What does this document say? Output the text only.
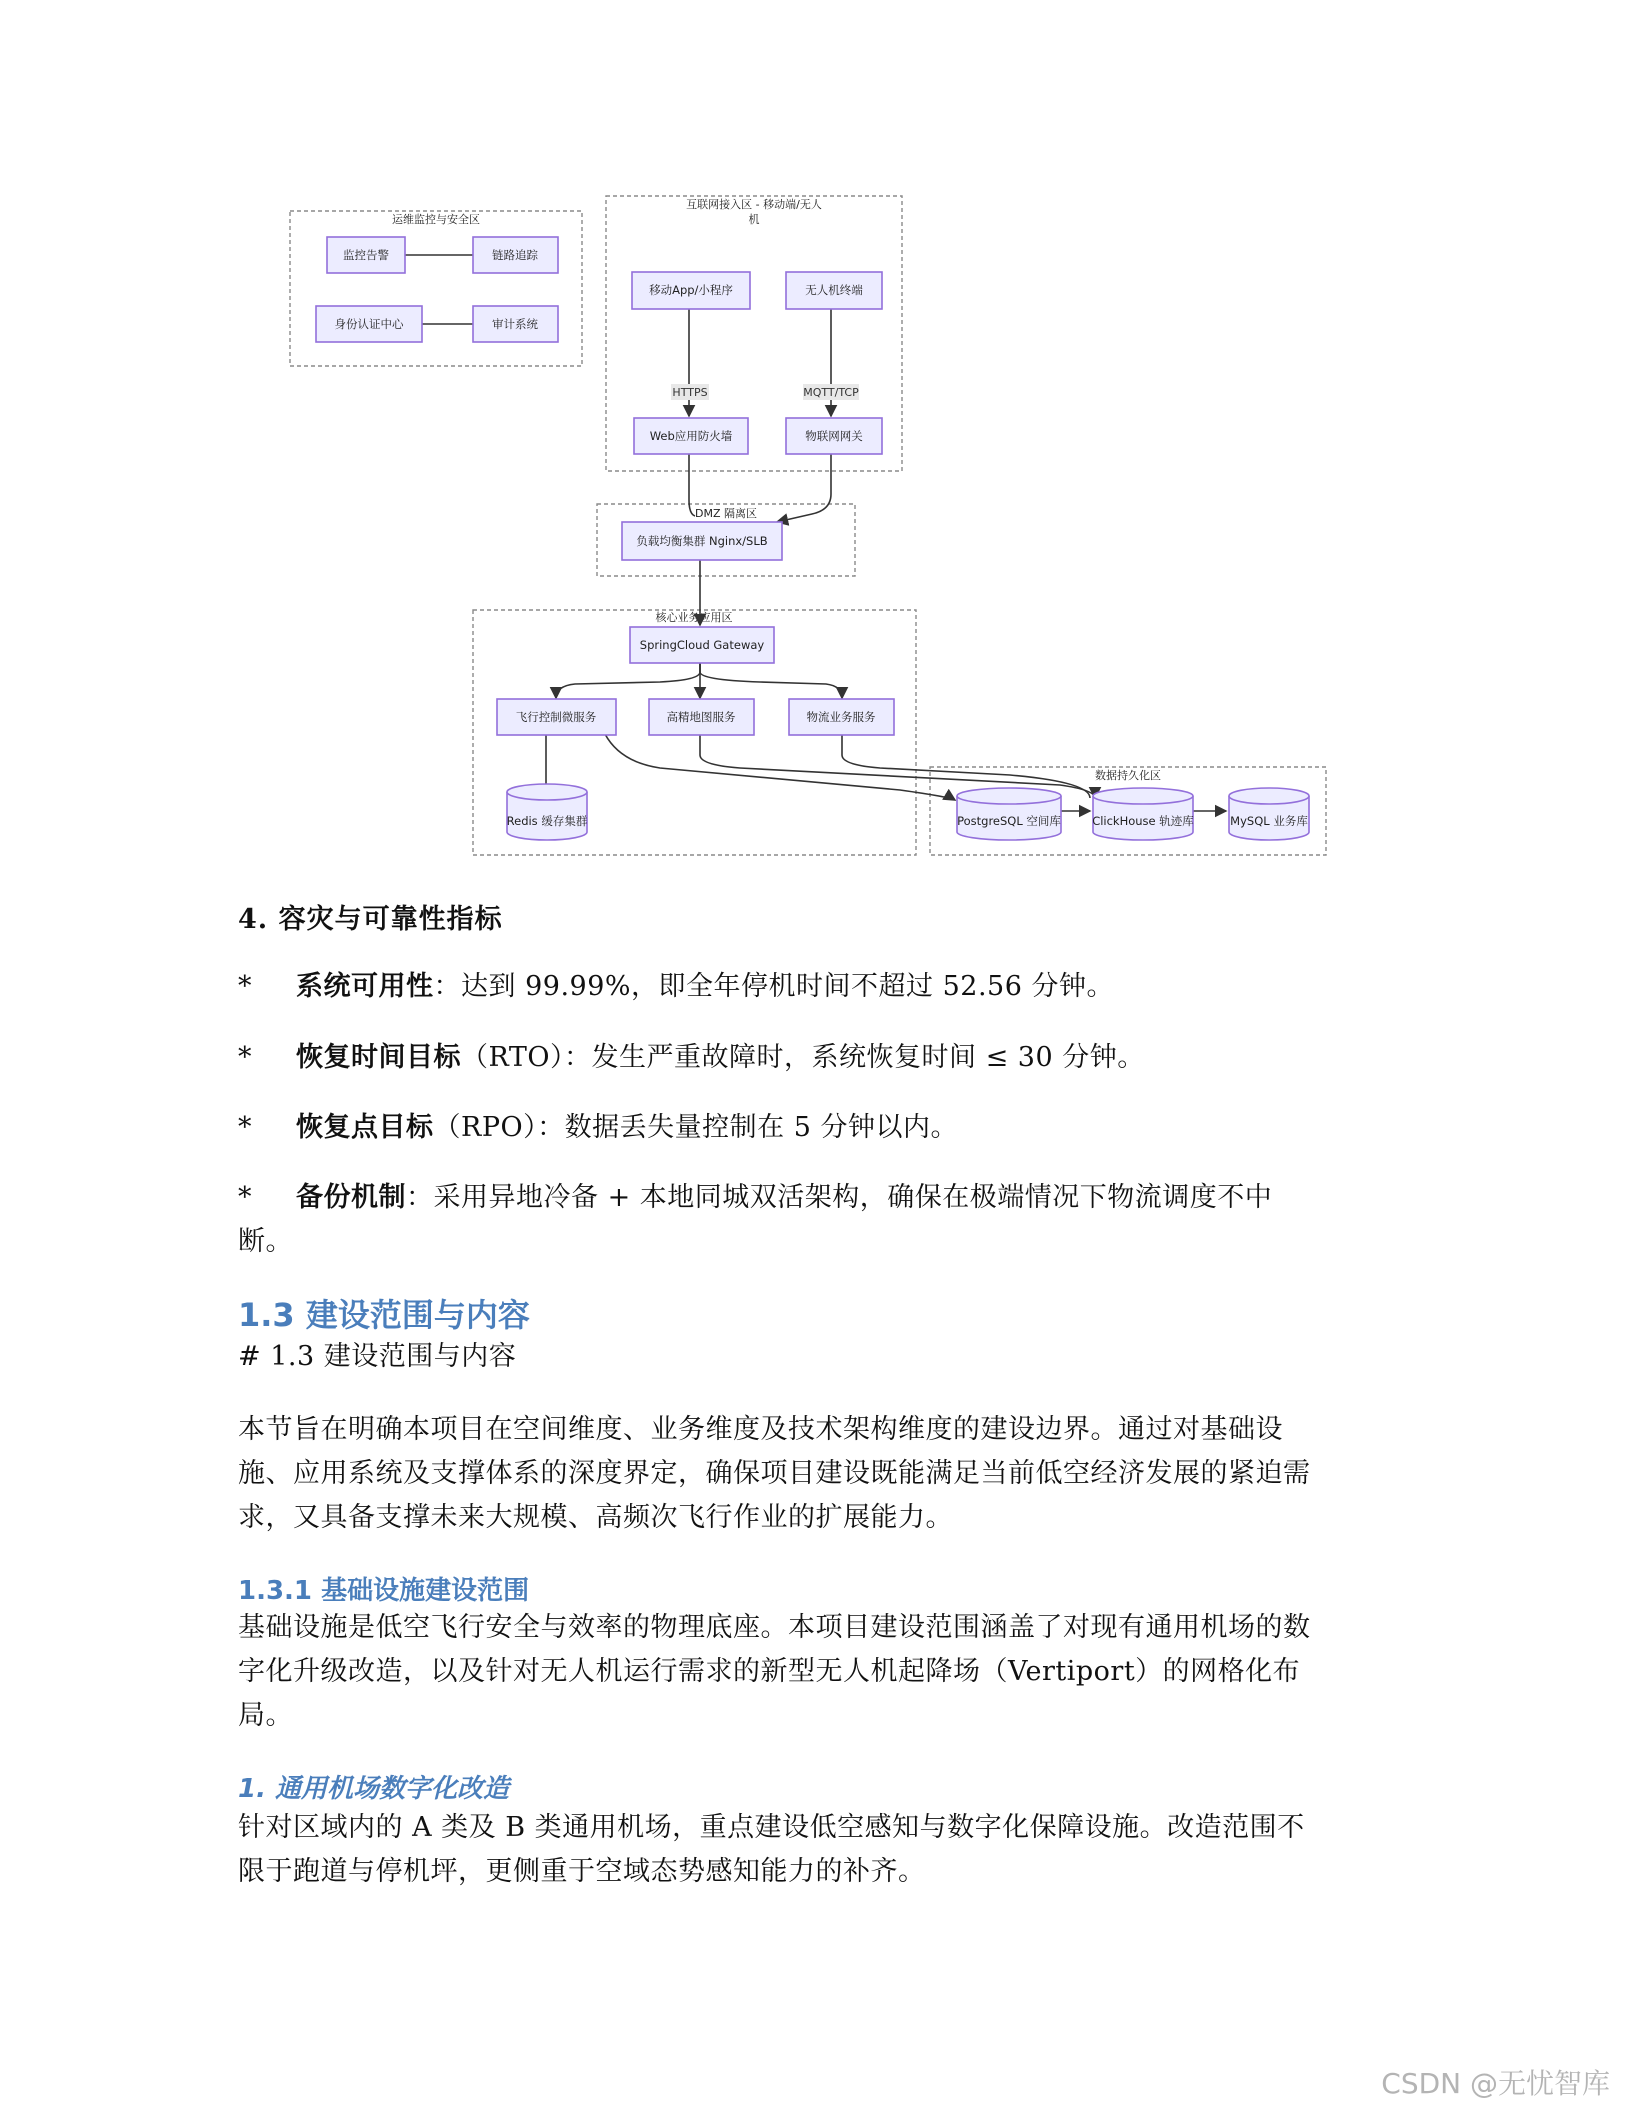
运维监控与安全区
互联网接入区 - 移动端/无人
机
DMZ 隔离区
核心业务应用区
数据持久化区
HTTPS	MQTT/TCP
监控告警	链路追踪
身份认证中心	审计系统
移动App/小程序	无人机终端
Web应用防火墙	物联网网关
负载均衡集群 Nginx/SLB
SpringCloud Gateway
飞行控制微服务	高精地图服务	物流业务服务
Redis 缓存集群	PostgreSQL 空间库	ClickHouse 轨迹库	MySQL 业务库
4. 容灾与可靠性指标
* 系统可用性：达到 99.99%，即全年停机时间不超过 52.56 分钟。
* 恢复时间目标（RTO）：发生严重故障时，系统恢复时间 ≤ 30 分钟。
* 恢复点目标（RPO）：数据丢失量控制在 5 分钟以内。
* 备份机制：采用异地冷备 + 本地同城双活架构，确保在极端情况下物流调度不中
断。
1.3 建设范围与内容
# 1.3 建设范围与内容
本节旨在明确本项目在空间维度、业务维度及技术架构维度的建设边界。通过对基础设
施、应用系统及支撑体系的深度界定，确保项目建设既能满足当前低空经济发展的紧迫需
求，又具备支撑未来大规模、高频次飞行作业的扩展能力。
1.3.1 基础设施建设范围
基础设施是低空飞行安全与效率的物理底座。本项目建设范围涵盖了对现有通用机场的数
字化升级改造，以及针对无人机运行需求的新型无人机起降场（Vertiport）的网格化布
局。
1. 通用机场数字化改造
针对区域内的 A 类及 B 类通用机场，重点建设低空感知与数字化保障设施。改造范围不
限于跑道与停机坪，更侧重于空域态势感知能力的补齐。
CSDN @无忧智库
